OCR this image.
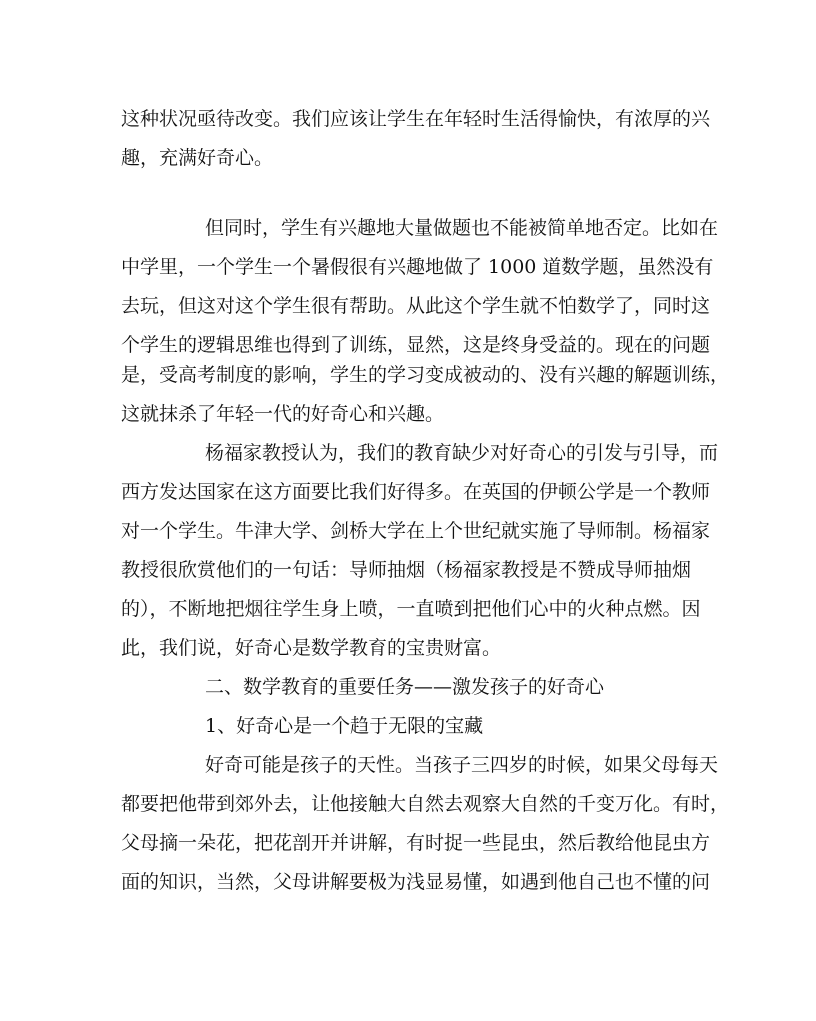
这种状况亟待改变。我们应该让学生在年轻时生活得愉快，有浓厚的兴
趣，充满好奇心。
但同时，学生有兴趣地大量做题也不能被简单地否定。比如在
中学里，一个学生一个暑假很有兴趣地做了 1000 道数学题，虽然没有
去玩，但这对这个学生很有帮助。从此这个学生就不怕数学了，同时这
个学生的逻辑思维也得到了训练，显然，这是终身受益的。现在的问题
是，受高考制度的影响，学生的学习变成被动的、没有兴趣的解题训练，
这就抹杀了年轻一代的好奇心和兴趣。
杨福家教授认为，我们的教育缺少对好奇心的引发与引导，而
西方发达国家在这方面要比我们好得多。在英国的伊顿公学是一个教师
对一个学生。牛津大学、剑桥大学在上个世纪就实施了导师制。杨福家
教授很欣赏他们的一句话：导师抽烟（杨福家教授是不赞成导师抽烟
的），不断地把烟往学生身上喷，一直喷到把他们心中的火种点燃。因
此，我们说，好奇心是数学教育的宝贵财富。
二、数学教育的重要任务——激发孩子的好奇心
1、好奇心是一个趋于无限的宝藏
好奇可能是孩子的天性。当孩子三四岁的时候，如果父母每天
都要把他带到郊外去，让他接触大自然去观察大自然的千变万化。有时，
父母摘一朵花，把花剖开并讲解，有时捉一些昆虫，然后教给他昆虫方
面的知识，当然，父母讲解要极为浅显易懂，如遇到他自己也不懂的问
